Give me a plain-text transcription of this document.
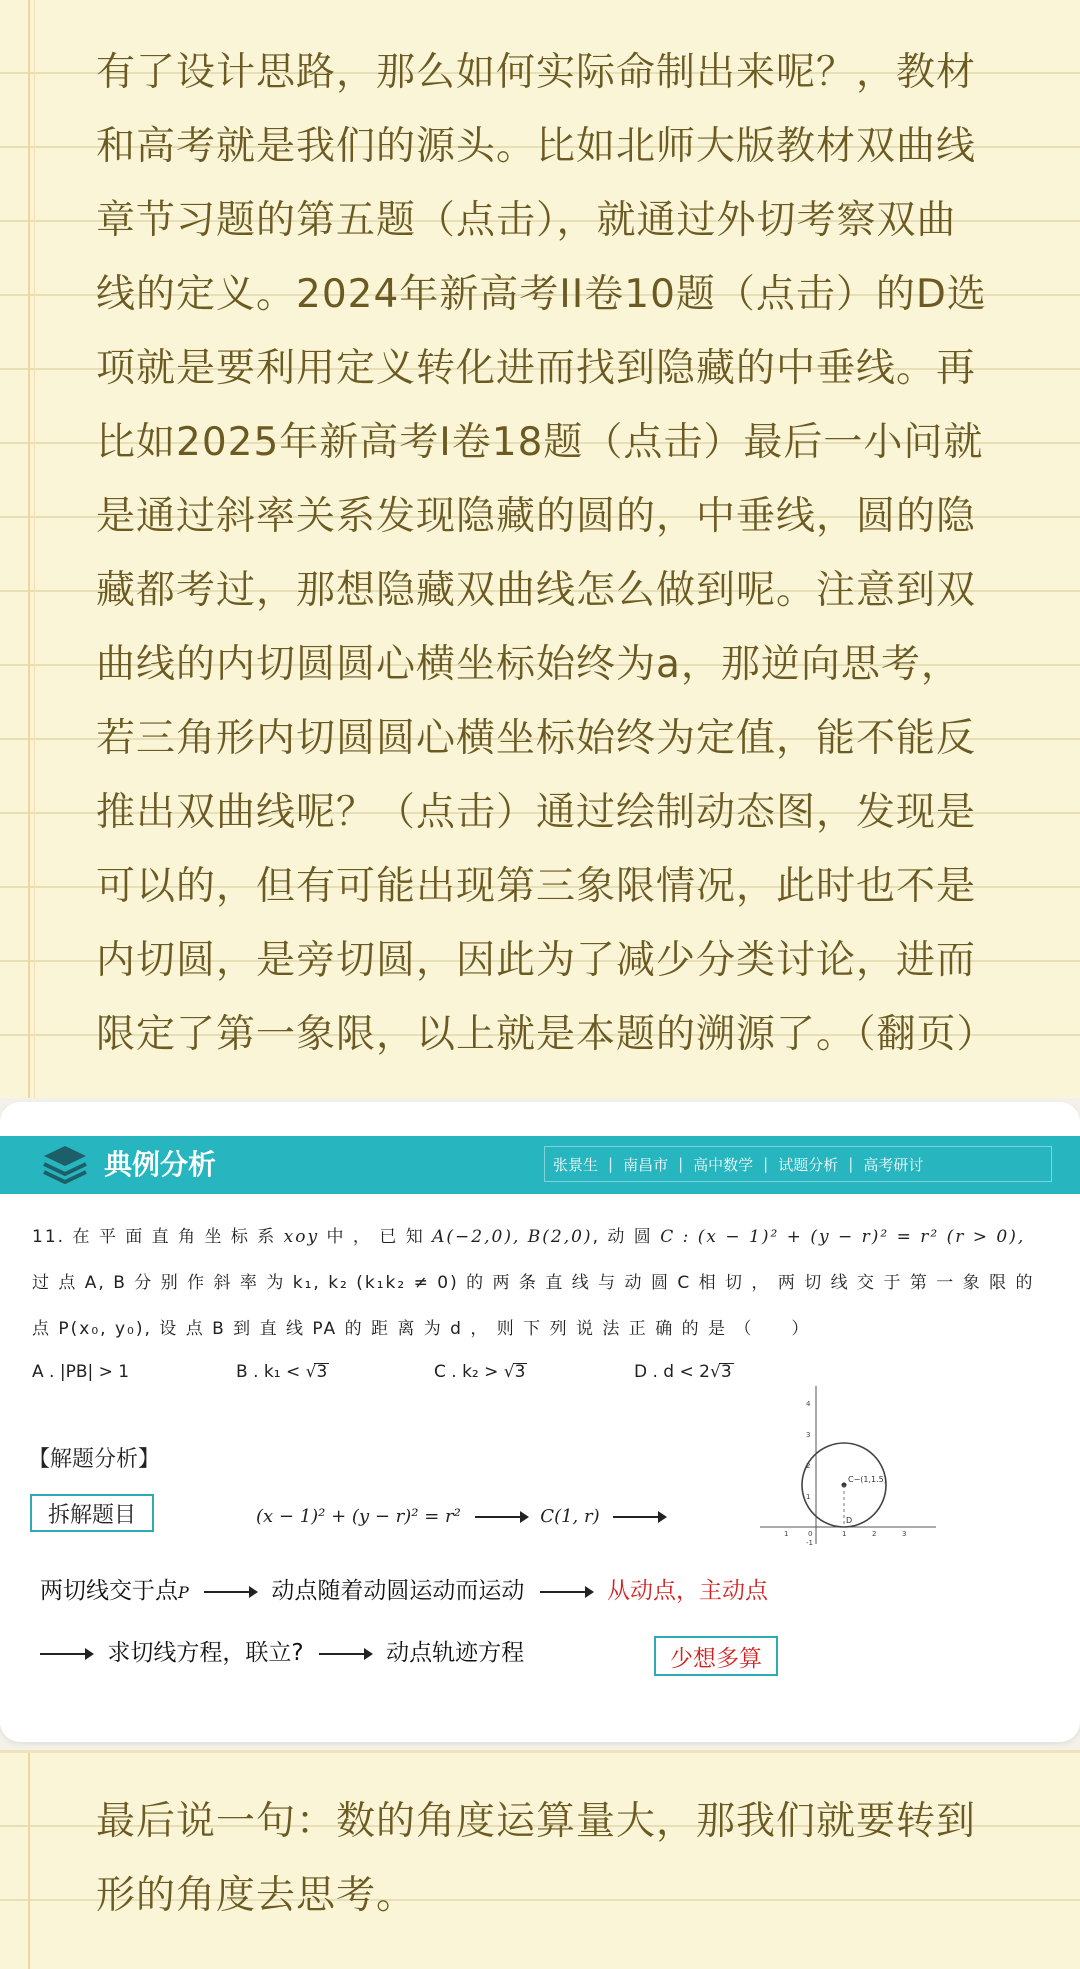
有了设计思路，那么如何实际命制出来呢？，教材
和高考就是我们的源头。比如北师大版教材双曲线
章节习题的第五题（点击），就通过外切考察双曲
线的定义。2024年新高考II卷10题（点击）的D选
项就是要利用定义转化进而找到隐藏的中垂线。再
比如2025年新高考I卷18题（点击）最后一小问就
是通过斜率关系发现隐藏的圆的，中垂线，圆的隐
藏都考过，那想隐藏双曲线怎么做到呢。注意到双
曲线的内切圆圆心横坐标始终为a，那逆向思考，
若三角形内切圆圆心横坐标始终为定值，能不能反
推出双曲线呢？（点击）通过绘制动态图，发现是
可以的，但有可能出现第三象限情况，此时也不是
内切圆，是旁切圆，因此为了减少分类讨论，进而
限定了第一象限，以上就是本题的溯源了。（翻页）
典例分析	张景生 | 南昌市 | 高中数学 | 试题分析 | 高考研讨
11. 在 平 面 直 角 坐 标 系 xoy 中 ， 已 知 A(−2,0), B(2,0), 动 圆 C : (x − 1)² + (y − r)² = r² (r > 0),
过 点 A, B 分 别 作 斜 率 为 k₁, k₂ (k₁k₂ ≠ 0) 的 两 条 直 线 与 动 圆 C 相 切 ， 两 切 线 交 于 第 一 象 限 的
点 P(x₀, y₀), 设 点 B 到 直 线 PA 的 距 离 为 d ， 则 下 列 说 法 正 确 的 是 （　　）
A . |PB| > 1	B . k₁ < √3	C . k₂ > √3	D . d < 2√3
C−(1,1.5)
D
4
3
2
1
0
-1
1	1	2	3
【解题分析】
拆解题目	(x − 1)² + (y − r)² = r²	C(1, r)
两切线交于点P	动点随着动圆运动而运动	从动点，主动点
求切线方程，联立?	动点轨迹方程	少想多算
最后说一句：数的角度运算量大，那我们就要转到
形的角度去思考。
